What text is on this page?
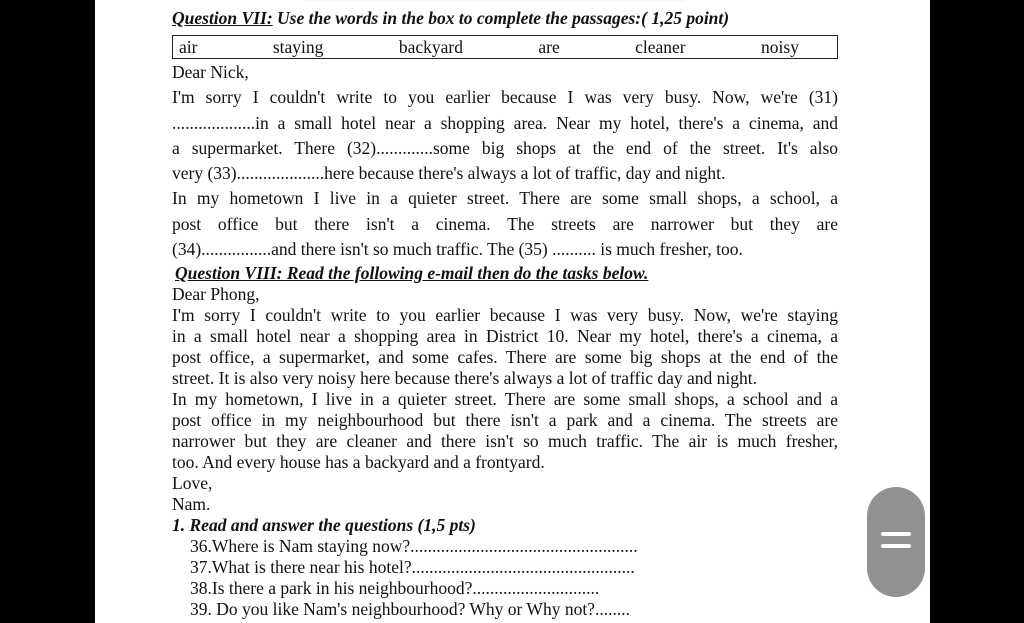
Question VII: Use the words in the box to complete the passages:( 1,25 point)
air	staying	backyard	are	cleaner	noisy
Dear Nick,
I'm sorry I couldn't write to you earlier because I was very busy. Now, we're (31)
...................in a small hotel near a shopping area. Near my hotel, there's a cinema, and
a supermarket. There (32).............some big shops at the end of the street. It's also
very (33)....................here because there's always a lot of traffic, day and night.
In my hometown I live in a quieter street. There are some small shops, a school, a
post office but there isn't a cinema. The streets are narrower but they are
(34)................and there isn't so much traffic. The (35) .......... is much fresher, too.
Question VIII: Read the following e-mail then do the tasks below.
Dear Phong,
I'm sorry I couldn't write to you earlier because I was very busy. Now, we're staying
in a small hotel near a shopping area in District 10. Near my hotel, there's a cinema, a
post office, a supermarket, and some cafes. There are some big shops at the end of the
street. It is also very noisy here because there's always a lot of traffic day and night.
In my hometown, I live in a quieter street. There are some small shops, a school and a
post office in my neighbourhood but there isn't a park and a cinema. The streets are
narrower but they are cleaner and there isn't so much traffic. The air is much fresher,
too. And every house has a backyard and a frontyard.
Love,
Nam.
1. Read and answer the questions (1,5 pts)
36.Where is Nam staying now?....................................................
37.What is there near his hotel?...................................................
38.Is there a park in his neighbourhood?.............................
39. Do you like Nam's neighbourhood? Why or Why not?........
